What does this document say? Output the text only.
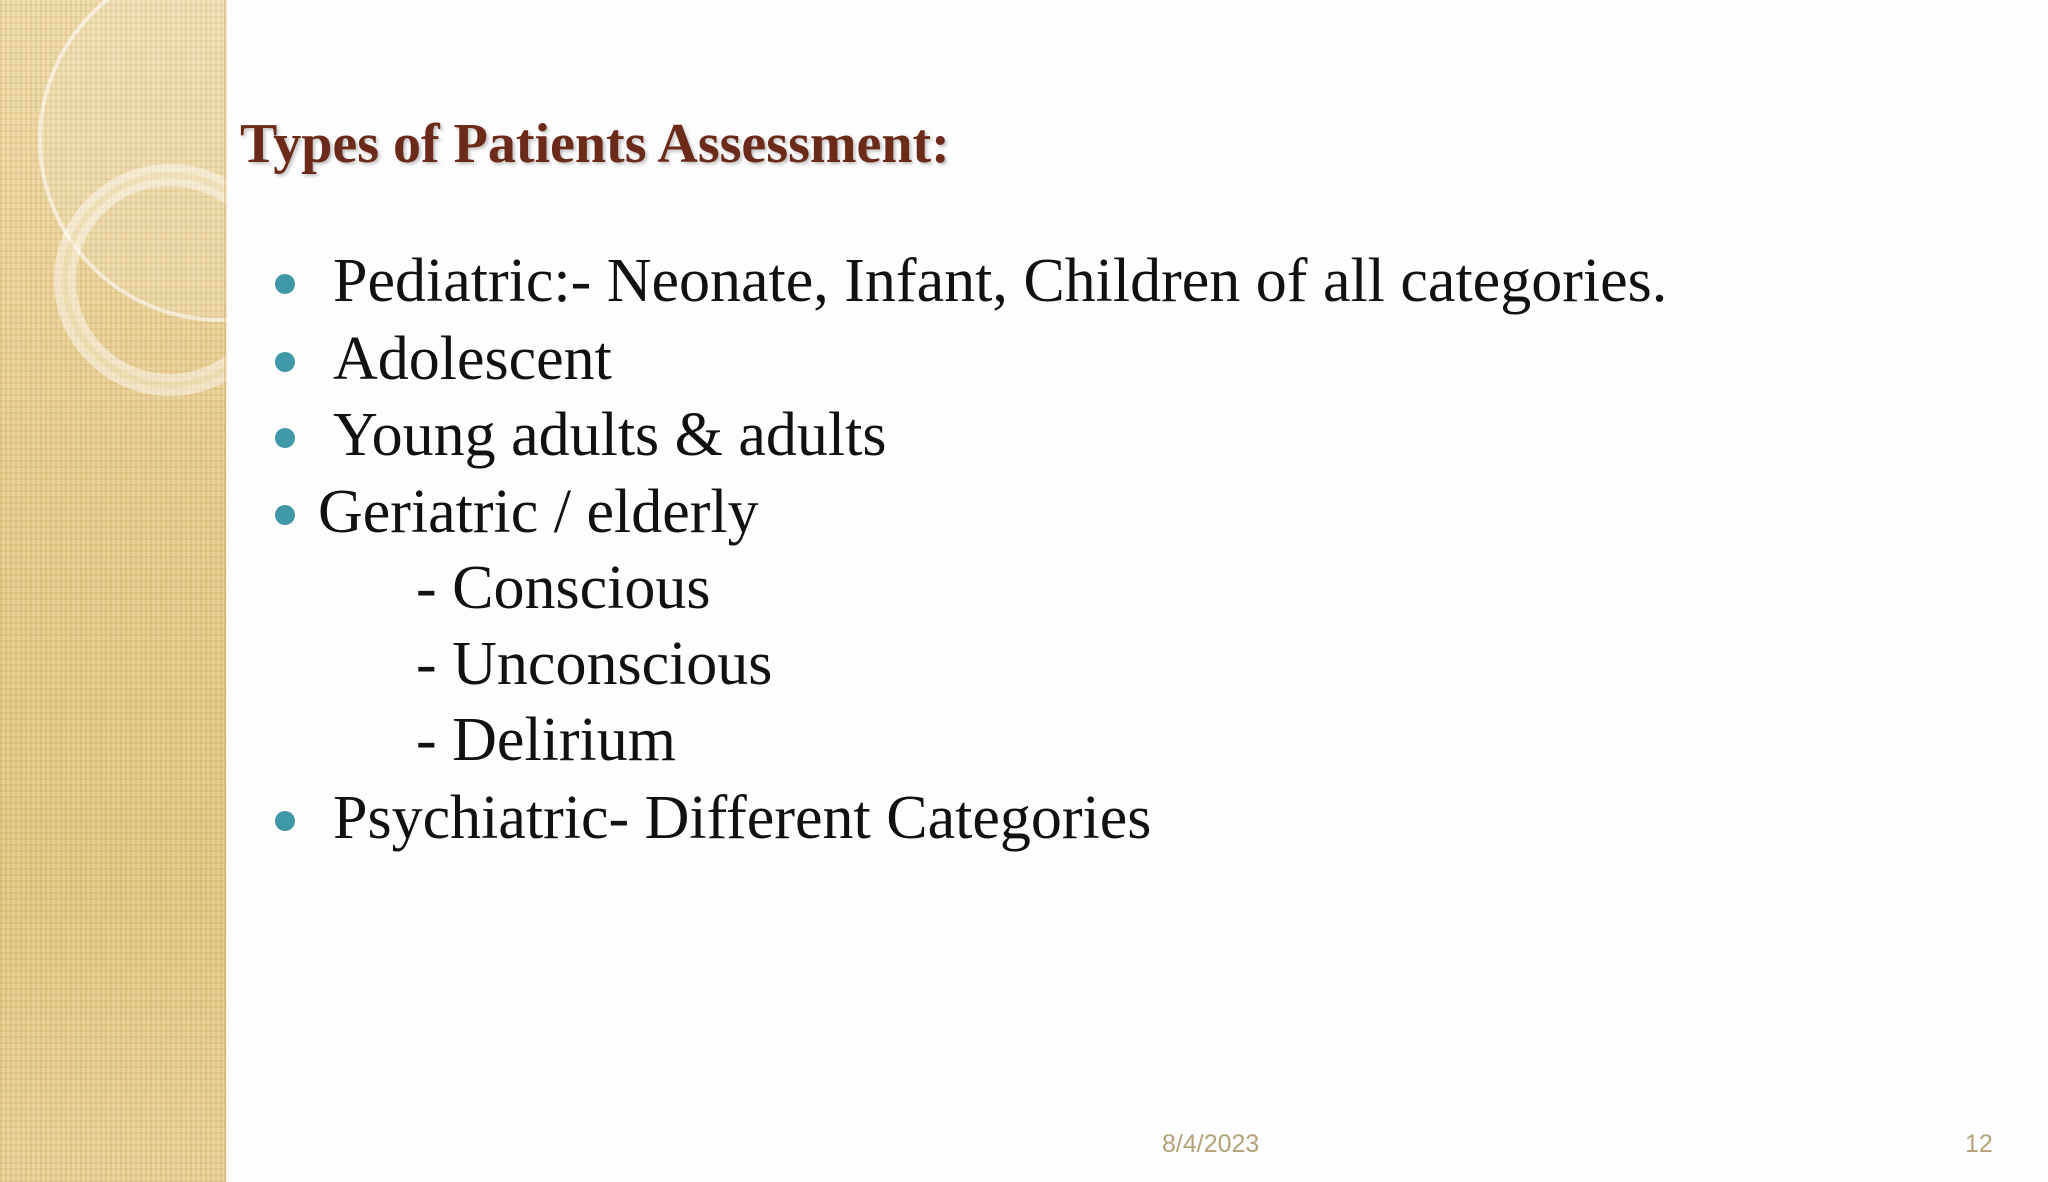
Types of Patients Assessment:
Pediatric:- Neonate, Infant, Children of all categories.
Adolescent
Young adults & adults
Geriatric / elderly
- Conscious
- Unconscious
- Delirium
Psychiatric- Different Categories
8/4/2023	12
